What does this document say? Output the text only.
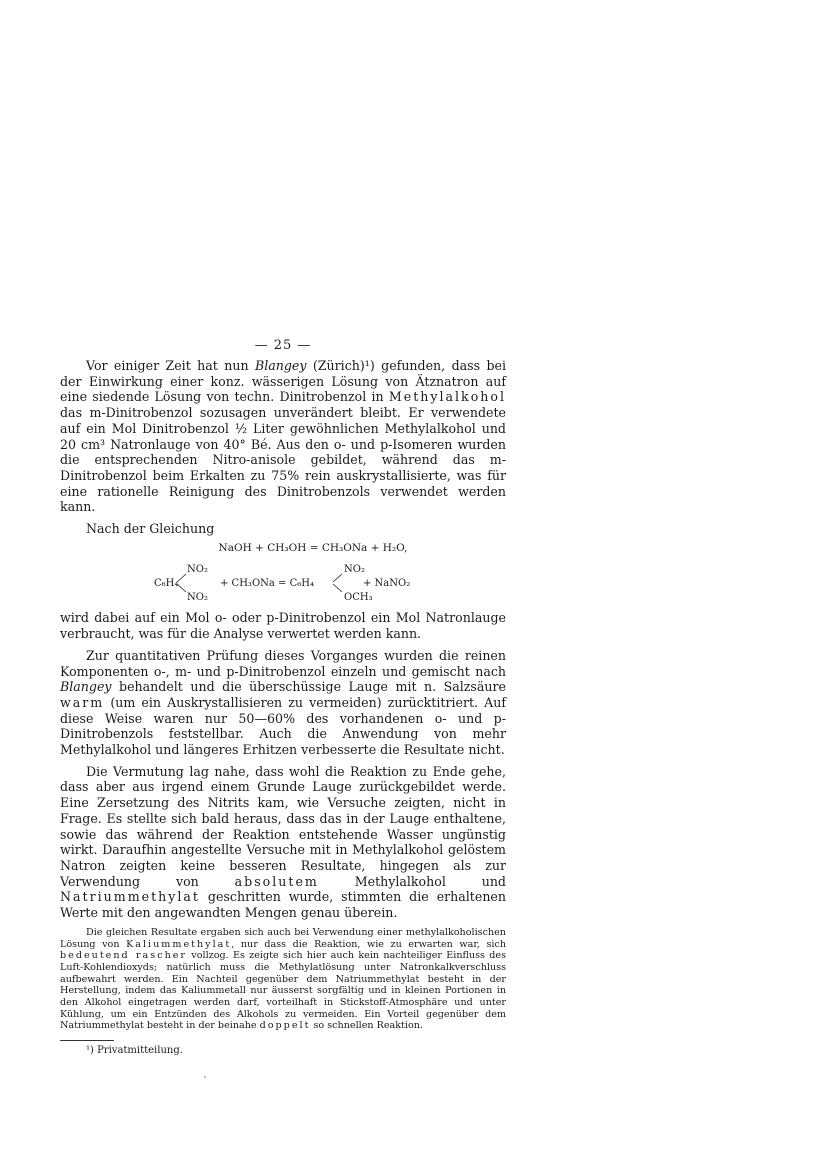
— 25 —

Vor einiger Zeit hat nun Blangey (Zürich)¹) gefunden, dass bei der Einwirkung einer konz. wässerigen Lösung von Ätznatron auf eine siedende Lösung von techn. Dinitrobenzol in Methylalkohol das m-Dinitrobenzol sozusagen unverändert bleibt. Er verwendete auf ein Mol Dinitrobenzol ½ Liter gewöhnlichen Methylalkohol und 20 cm³ Natronlauge von 40° Bé. Aus den o- und p-Isomeren wurden die entsprechenden Nitro-anisole gebildet, während das m-Dinitrobenzol beim Erkalten zu 75% rein auskrystallisierte, was für eine rationelle Reinigung des Dinitrobenzols verwendet werden kann.

Nach der Gleichung

NaOH + CH₃OH = CH₃ONa + H₂O,
C₆H₄
NO₂
NO₂
+ CH₃ONa = C₆H₄
NO₂
OCH₃
+ NaNO₂

wird dabei auf ein Mol o- oder p-Dinitrobenzol ein Mol Natronlauge verbraucht, was für die Analyse verwertet werden kann.

Zur quantitativen Prüfung dieses Vorganges wurden die reinen Komponenten o-, m- und p-Dinitrobenzol einzeln und gemischt nach Blangey behandelt und die überschüssige Lauge mit n. Salzsäure warm (um ein Auskrystallisieren zu vermeiden) zurücktitriert. Auf diese Weise waren nur 50—60% des vorhandenen o- und p-Dinitrobenzols feststellbar. Auch die Anwendung von mehr Methylalkohol und längeres Erhitzen verbesserte die Resultate nicht.

Die Vermutung lag nahe, dass wohl die Reaktion zu Ende gehe, dass aber aus irgend einem Grunde Lauge zurückgebildet werde. Eine Zersetzung des Nitrits kam, wie Versuche zeigten, nicht in Frage. Es stellte sich bald heraus, dass das in der Lauge enthaltene, sowie das während der Reaktion entstehende Wasser ungünstig wirkt. Daraufhin angestellte Versuche mit in Methylalkohol gelöstem Natron zeigten keine besseren Resultate, hingegen als zur Verwendung von absolutem Methylalkohol und Natriummethylat geschritten wurde, stimmten die erhaltenen Werte mit den angewandten Mengen genau überein.

Die gleichen Resultate ergaben sich auch bei Verwendung einer methylalkoholischen Lösung von Kaliummethylat, nur dass die Reaktion, wie zu erwarten war, sich bedeutend rascher vollzog. Es zeigte sich hier auch kein nachteiliger Einfluss des Luft-Kohlendioxyds; natürlich muss die Methylatlösung unter Natronkalkverschluss aufbewahrt werden. Ein Nachteil gegenüber dem Natriummethylat besteht in der Herstellung, indem das Kaliummetall nur äusserst sorgfältig und in kleinen Portionen in den Alkohol eingetragen werden darf, vorteilhaft in Stickstoff-Atmosphäre und unter Kühlung, um ein Entzünden des Alkohols zu vermeiden. Ein Vorteil gegenüber dem Natriummethylat besteht in der beinahe doppelt so schnellen Reaktion.

¹) Privatmitteilung.
